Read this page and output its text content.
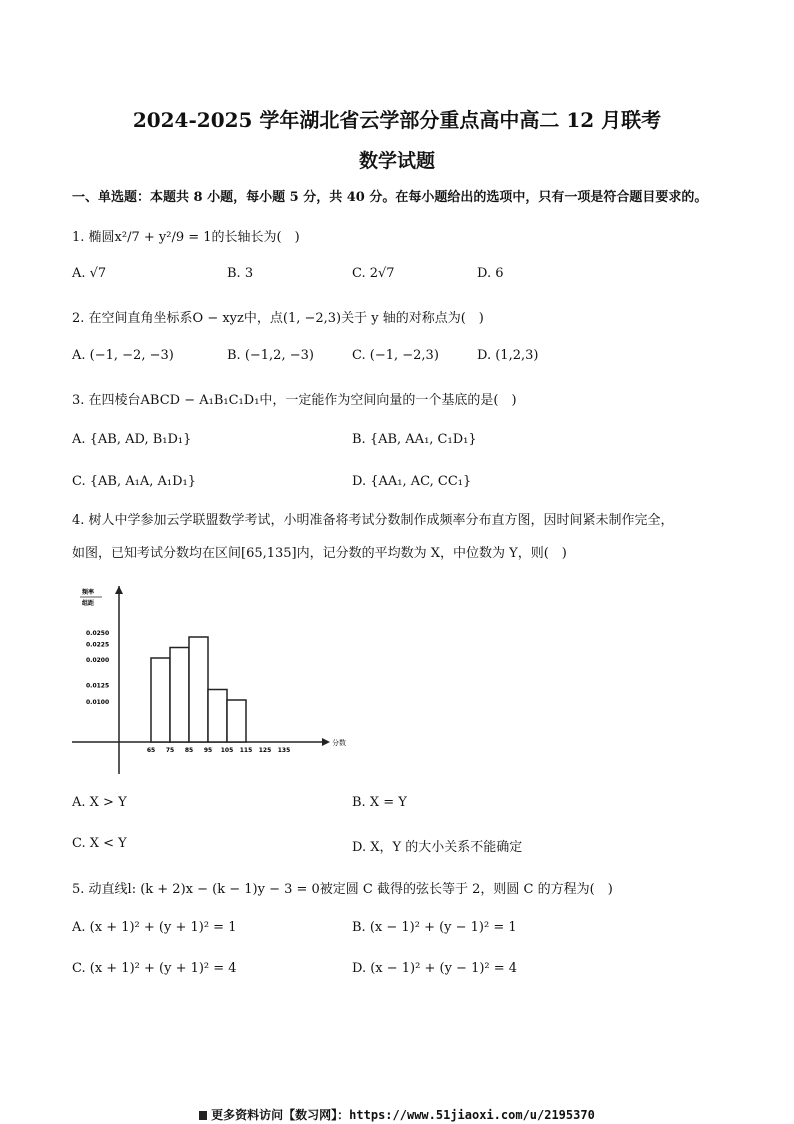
2024-2025 学年湖北省云学部分重点高中高二 12 月联考
数学试题
一、单选题：本题共 8 小题，每小题 5 分，共 40 分。在每小题给出的选项中，只有一项是符合题目要求的。
1. 椭圆x²/7 + y²/9 = 1的长轴长为(　)
A. √7	B. 3	C. 2√7	D. 6
2. 在空间直角坐标系O − xyz中，点(1, −2,3)关于 y 轴的对称点为(　)
A. (−1, −2, −3)	B. (−1,2, −3)	C. (−1, −2,3)	D. (1,2,3)
3. 在四棱台ABCD − A₁B₁C₁D₁中，一定能作为空间向量的一个基底的是(　)
A. {AB, AD, B₁D₁}	B. {AB, AA₁, C₁D₁}
C. {AB, A₁A, A₁D₁}	D. {AA₁, AC, CC₁}
4. 树人中学参加云学联盟数学考试，小明准备将考试分数制作成频率分布直方图，因时间紧未制作完全，
如图，已知考试分数均在区间[65,135]内，记分数的平均数为 X，中位数为 Y，则(　)
频率
组距
分数
0.0250
0.0225
0.0200
0.0125
0.0100
65 75 85 95 105 115 125 135
A. X > Y	B. X = Y
C. X < Y	D. X，Y 的大小关系不能确定
5. 动直线l: (k + 2)x − (k − 1)y − 3 = 0被定圆 C 截得的弦长等于 2，则圆 C 的方程为(　)
A. (x + 1)² + (y + 1)² = 1	B. (x − 1)² + (y − 1)² = 1
C. (x + 1)² + (y + 1)² = 4	D. (x − 1)² + (y − 1)² = 4
更多资料访问【数习网】：https://www.51jiaoxi.com/u/2195370
